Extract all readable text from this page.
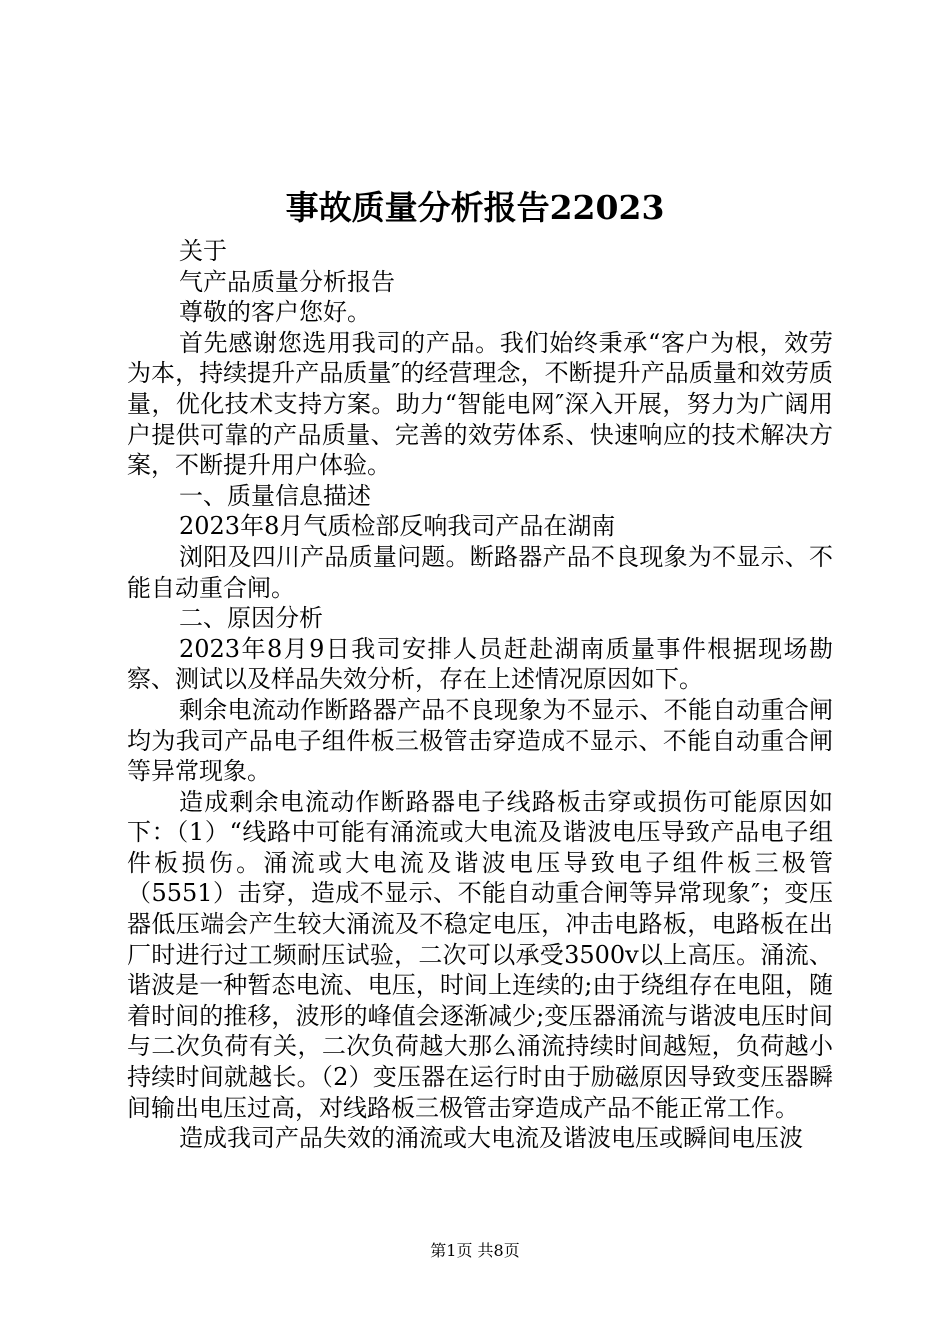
事故质量分析报告22023

关于

气产品质量分析报告

尊敬的客户您好。

首先感谢您选用我司的产品。我们始终秉承“客户为根，效劳为本，持续提升产品质量″的经营理念，不断提升产品质量和效劳质量，优化技术支持方案。助力“智能电网″深入开展，努力为广阔用户提供可靠的产品质量、完善的效劳体系、快速响应的技术解决方案，不断提升用户体验。

一、质量信息描述

2023年8月气质检部反响我司产品在湖南

浏阳及四川产品质量问题。断路器产品不良现象为不显示、不能自动重合闸。

二、原因分析

2023年8月9日我司安排人员赶赴湖南质量事件根据现场勘察、测试以及样品失效分析，存在上述情况原因如下。

剩余电流动作断路器产品不良现象为不显示、不能自动重合闸均为我司产品电子组件板三极管击穿造成不显示、不能自动重合闸等异常现象。

造成剩余电流动作断路器电子线路板击穿或损伤可能原因如下：（1）“线路中可能有涌流或大电流及谐波电压导致产品电子组件板损伤。涌流或大电流及谐波电压导致电子组件板三极管（5551）击穿，造成不显示、不能自动重合闸等异常现象″；变压器低压端会产生较大涌流及不稳定电压，冲击电路板，电路板在出厂时进行过工频耐压试验，二次可以承受3500v以上高压。涌流、谐波是一种暂态电流、电压，时间上连续的;由于绕组存在电阻，随着时间的推移，波形的峰值会逐渐减少;变压器涌流与谐波电压时间与二次负荷有关，二次负荷越大那么涌流持续时间越短，负荷越小持续时间就越长。（2）变压器在运行时由于励磁原因导致变压器瞬间输出电压过高，对线路板三极管击穿造成产品不能正常工作。

造成我司产品失效的涌流或大电流及谐波电压或瞬间电压波

第1页 共8页
